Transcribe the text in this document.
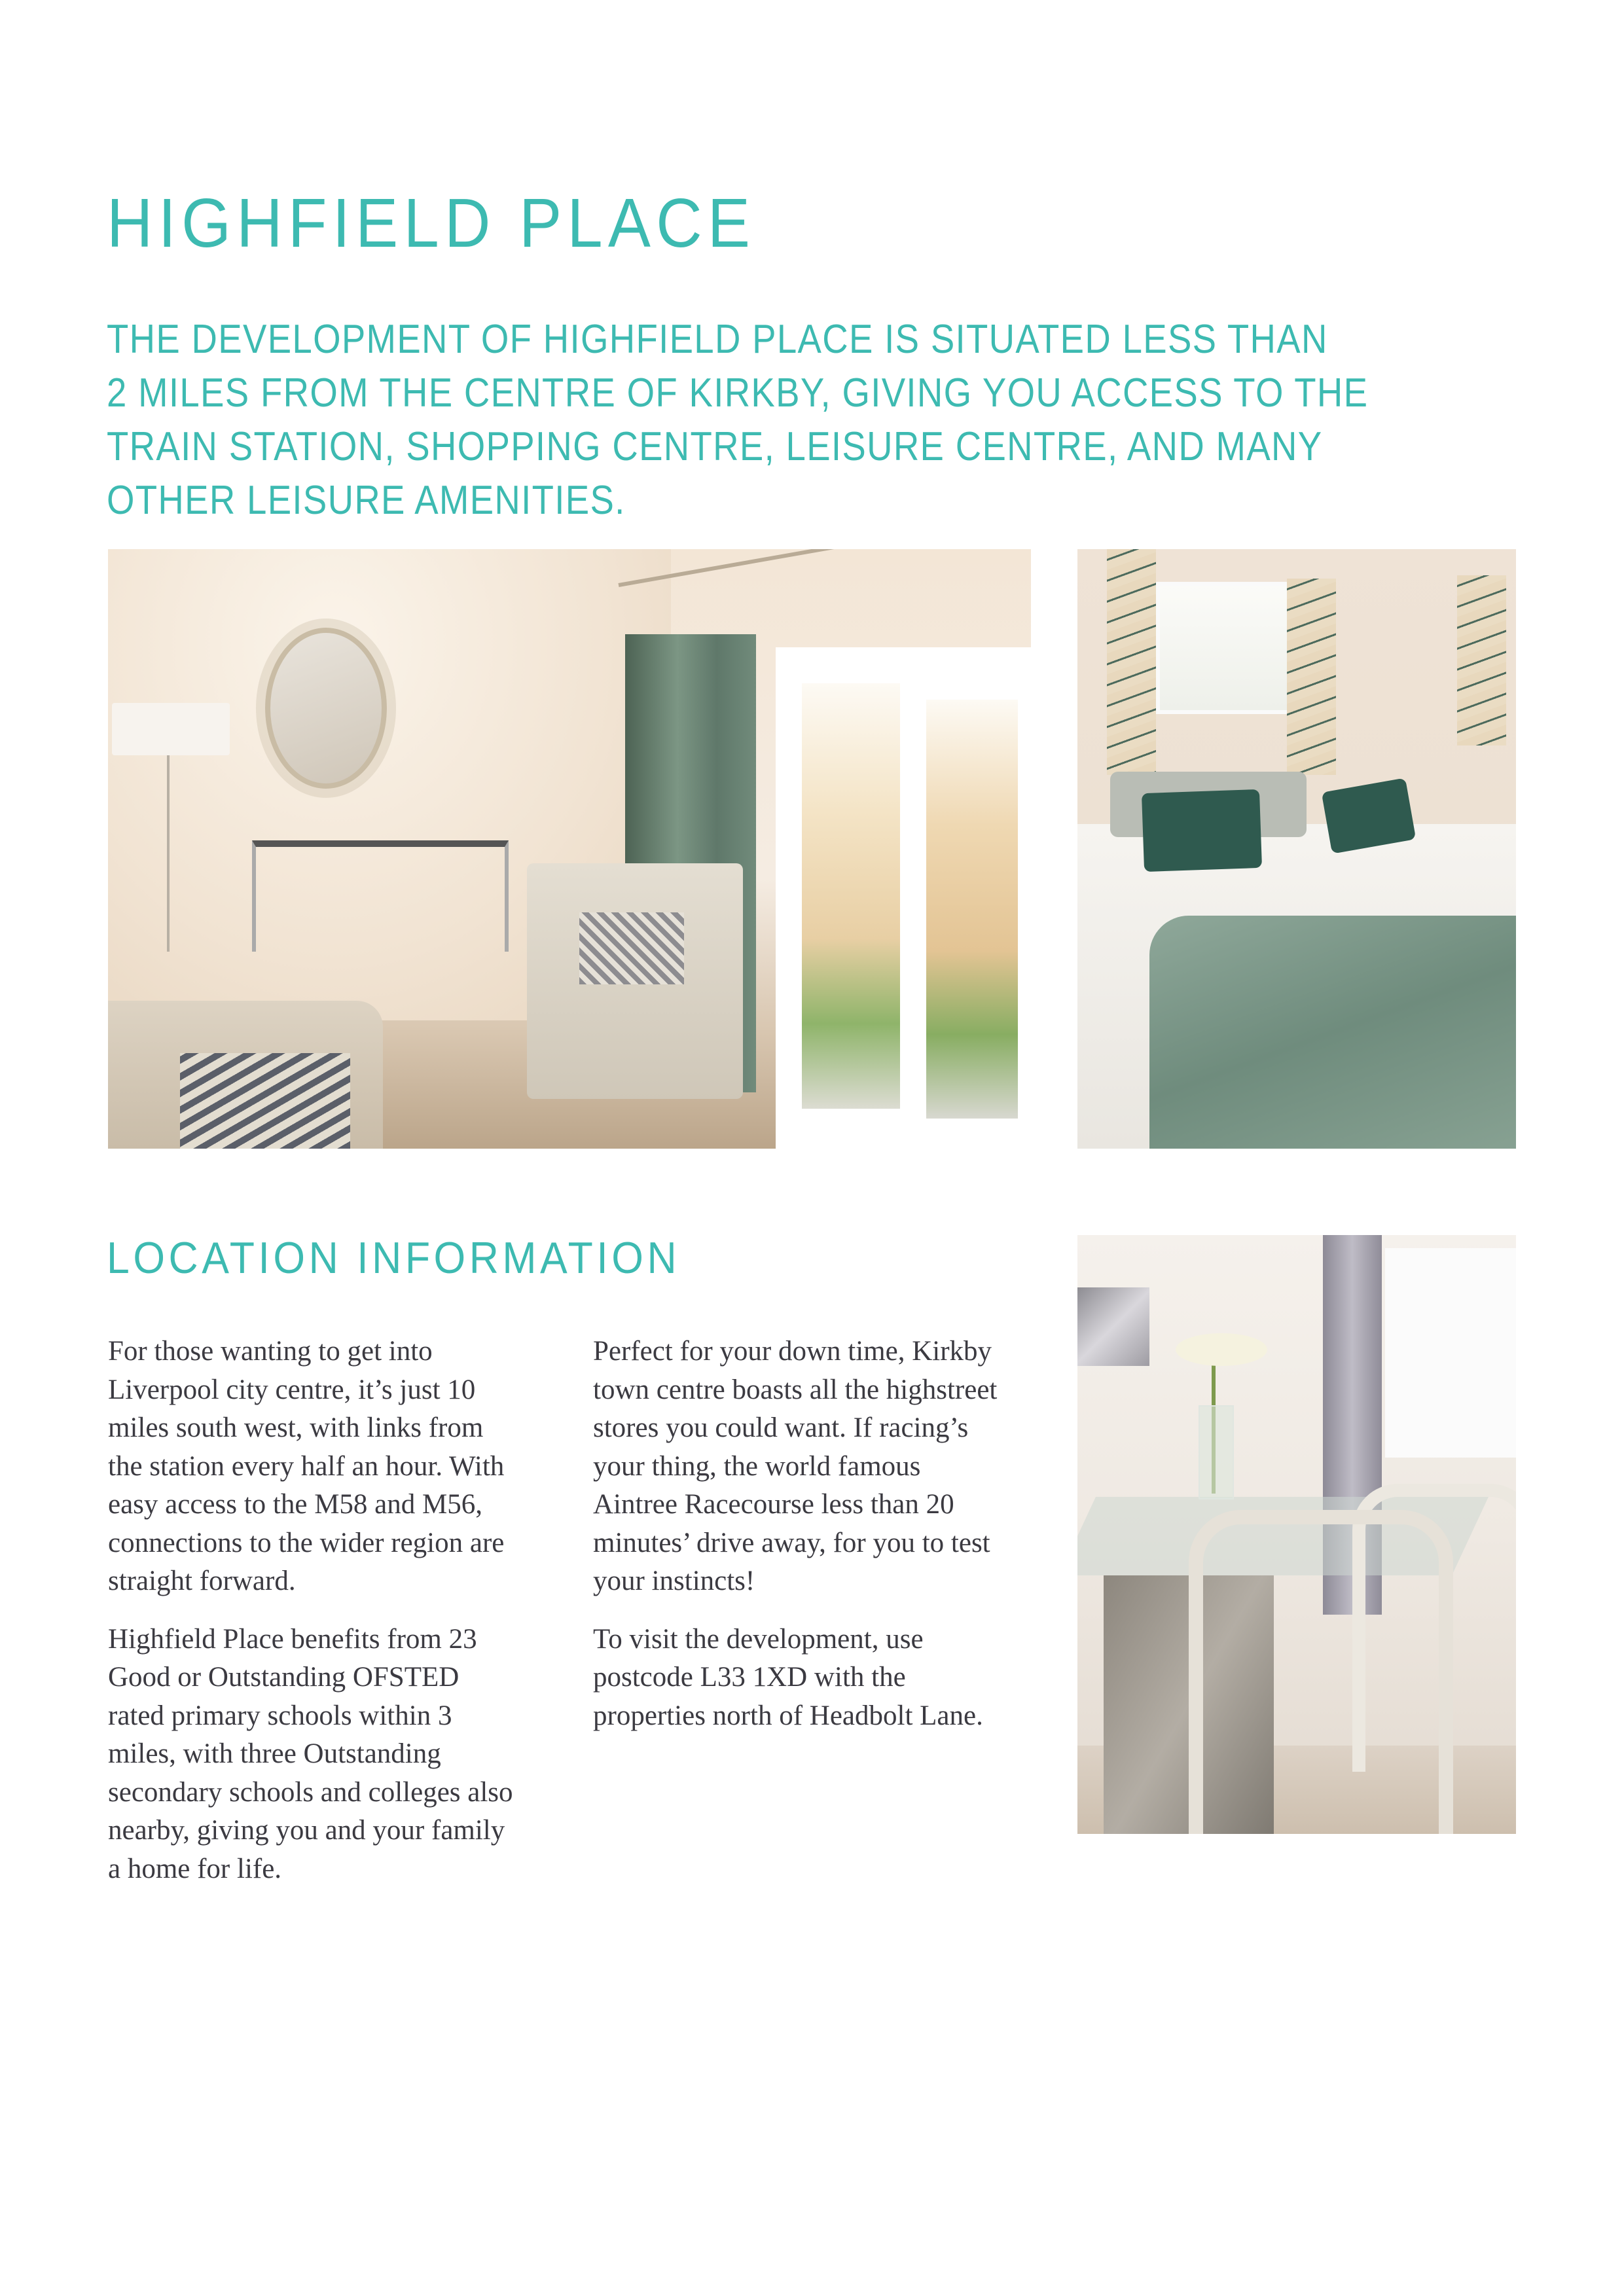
HIGHFIELD PLACE
THE DEVELOPMENT OF HIGHFIELD PLACE IS SITUATED LESS THAN
2 MILES FROM THE CENTRE OF KIRKBY, GIVING YOU ACCESS TO THE
TRAIN STATION, SHOPPING CENTRE, LEISURE CENTRE, AND MANY
OTHER LEISURE AMENITIES.
LOCATION INFORMATION

For those wanting to get into
Liverpool city centre, it’s just 10
miles south west, with links from
the station every half an hour. With
easy access to the M58 and M56,
connections to the wider region are
straight forward.

Highfield Place benefits from 23
Good or Outstanding OFSTED
rated primary schools within 3
miles, with three Outstanding
secondary schools and colleges also
nearby, giving you and your family
a home for life.

Perfect for your down time, Kirkby
town centre boasts all the highstreet
stores you could want. If racing’s
your thing, the world famous
Aintree Racecourse less than 20
minutes’ drive away, for you to test
your instincts!

To visit the development, use
postcode L33 1XD with the
properties north of Headbolt Lane.
